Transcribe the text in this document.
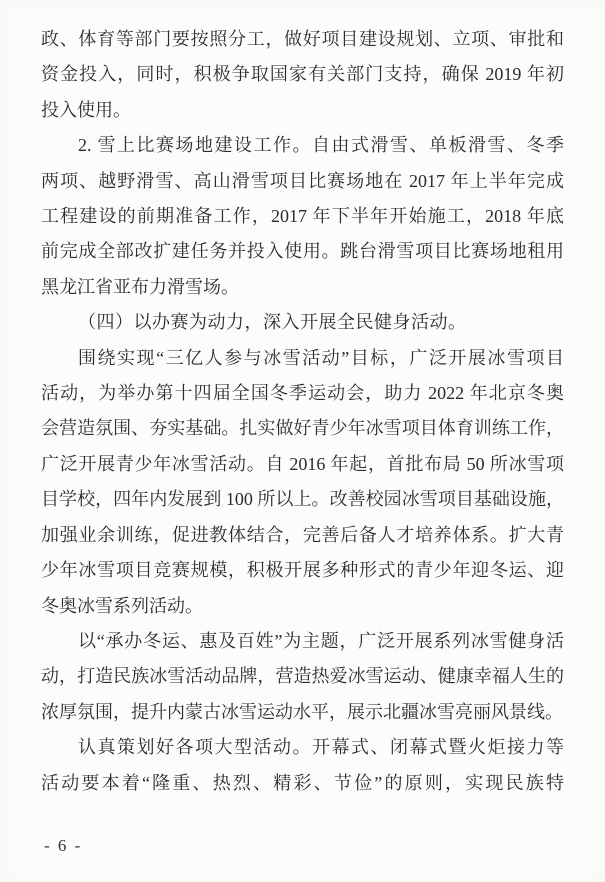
政、体育等部门要按照分工，做好项目建设规划、立项、审批和
资金投入，同时，积极争取国家有关部门支持，确保 2019 年初
投入使用。
2. 雪上比赛场地建设工作。自由式滑雪、单板滑雪、冬季
两项、越野滑雪、高山滑雪项目比赛场地在 2017 年上半年完成
工程建设的前期准备工作，2017 年下半年开始施工，2018 年底
前完成全部改扩建任务并投入使用。跳台滑雪项目比赛场地租用
黑龙江省亚布力滑雪场。
（四）以办赛为动力，深入开展全民健身活动。
围绕实现“三亿人参与冰雪活动”目标，广泛开展冰雪项目
活动，为举办第十四届全国冬季运动会，助力 2022 年北京冬奥
会营造氛围、夯实基础。扎实做好青少年冰雪项目体育训练工作，
广泛开展青少年冰雪活动。自 2016 年起，首批布局 50 所冰雪项
目学校，四年内发展到 100 所以上。改善校园冰雪项目基础设施，
加强业余训练，促进教体结合，完善后备人才培养体系。扩大青
少年冰雪项目竞赛规模，积极开展多种形式的青少年迎冬运、迎
冬奥冰雪系列活动。
以“承办冬运、惠及百姓”为主题，广泛开展系列冰雪健身活
动，打造民族冰雪活动品牌，营造热爱冰雪运动、健康幸福人生的
浓厚氛围，提升内蒙古冰雪运动水平，展示北疆冰雪亮丽风景线。
认真策划好各项大型活动。开幕式、闭幕式暨火炬接力等
活动要本着“隆重、热烈、精彩、节俭”的原则，实现民族特
- 6 -
